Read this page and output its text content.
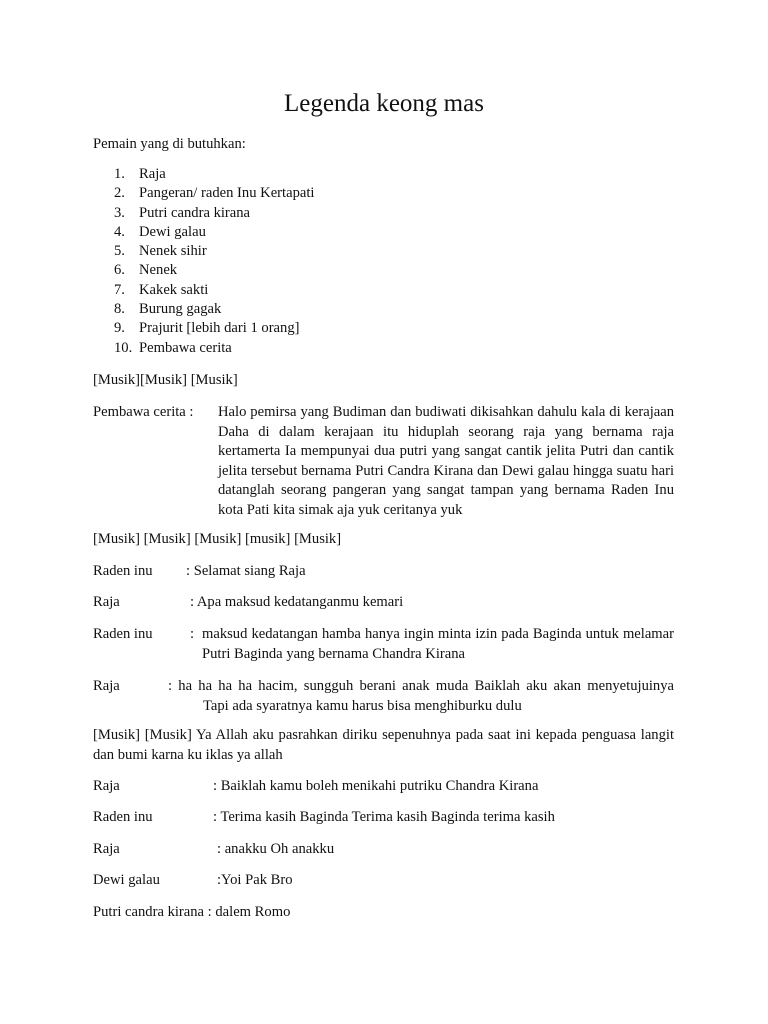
Legenda keong mas

Pemain yang di butuhkan:

1. Raja
2. Pangeran/ raden Inu Kertapati
3. Putri candra kirana
4. Dewi galau
5. Nenek sihir
6. Nenek
7. Kakek sakti
8. Burung gagak
9. Prajurit [lebih dari 1 orang]
10. Pembawa cerita

[Musik][Musik] [Musik]

Pembawa cerita : Halo pemirsa yang Budiman dan budiwati dikisahkan dahulu kala di kerajaan Daha di dalam kerajaan itu hiduplah seorang raja yang bernama raja kertamerta Ia mempunyai dua putri yang sangat cantik jelita Putri dan cantik jelita tersebut bernama Putri Candra Kirana dan Dewi galau hingga suatu hari datanglah seorang pangeran yang sangat tampan yang bernama Raden Inu kota Pati kita simak aja yuk ceritanya yuk

[Musik] [Musik] [Musik] [musik] [Musik]

Raden inu : Selamat siang Raja
Raja	: Apa maksud kedatanganmu kemari
Raden inu	: maksud kedatangan hamba hanya ingin minta izin pada Baginda untuk melamar Putri Baginda yang bernama Chandra Kirana
Raja	: ha ha ha ha hacim, sungguh berani anak muda Baiklah aku akan menyetujuinya
Tapi ada syaratnya kamu harus bisa menghiburku dulu

[Musik] [Musik] Ya Allah aku pasrahkan diriku sepenuhnya pada saat ini kepada penguasa langit dan bumi karna ku iklas ya allah

Raja	: Baiklah kamu boleh menikahi putriku Chandra Kirana
Raden inu	: Terima kasih Baginda Terima kasih Baginda terima kasih
Raja	: anakku Oh anakku
Dewi galau	:Yoi Pak Bro

Putri candra kirana : dalem Romo
